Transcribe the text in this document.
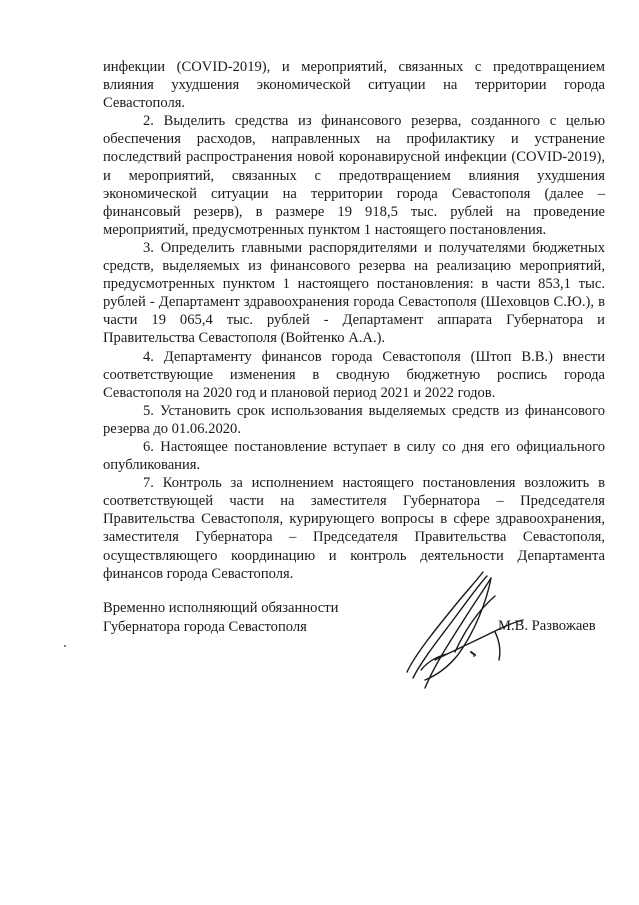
инфекции (COVID-2019), и мероприятий, связанных с предотвращением влияния ухудшения экономической ситуации на территории города Севастополя.

2. Выделить средства из финансового резерва, созданного с целью обеспечения расходов, направленных на профилактику и устранение последствий распространения новой коронавирусной инфекции (COVID-2019), и мероприятий, связанных с предотвращением влияния ухудшения экономической ситуации на территории города Севастополя (далее – финансовый резерв), в размере 19 918,5 тыс. рублей на проведение мероприятий, предусмотренных пунктом 1 настоящего постановления.

3. Определить главными распорядителями и получателями бюджетных средств, выделяемых из финансового резерва на реализацию мероприятий, предусмотренных пунктом 1 настоящего постановления: в части 853,1 тыс. рублей - Департамент здравоохранения города Севастополя (Шеховцов С.Ю.), в части 19 065,4 тыс. рублей - Департамент аппарата Губернатора и Правительства Севастополя (Войтенко А.А.).

4. Департаменту финансов города Севастополя (Штоп В.В.) внести соответствующие изменения в сводную бюджетную роспись города Севастополя на 2020 год и плановой период 2021 и 2022 годов.

5. Установить срок использования выделяемых средств из финансового резерва до 01.06.2020.

6. Настоящее постановление вступает в силу со дня его официального опубликования.

7. Контроль за исполнением настоящего постановления возложить в соответствующей части на заместителя Губернатора – Председателя Правительства Севастополя, курирующего вопросы в сфере здравоохранения, заместителя Губернатора – Председателя Правительства Севастополя, осуществляющего координацию и контроль деятельности Департамента финансов города Севастополя.

Временно исполняющий обязанности
Губернатора города Севастополя	М.В. Развожаев
